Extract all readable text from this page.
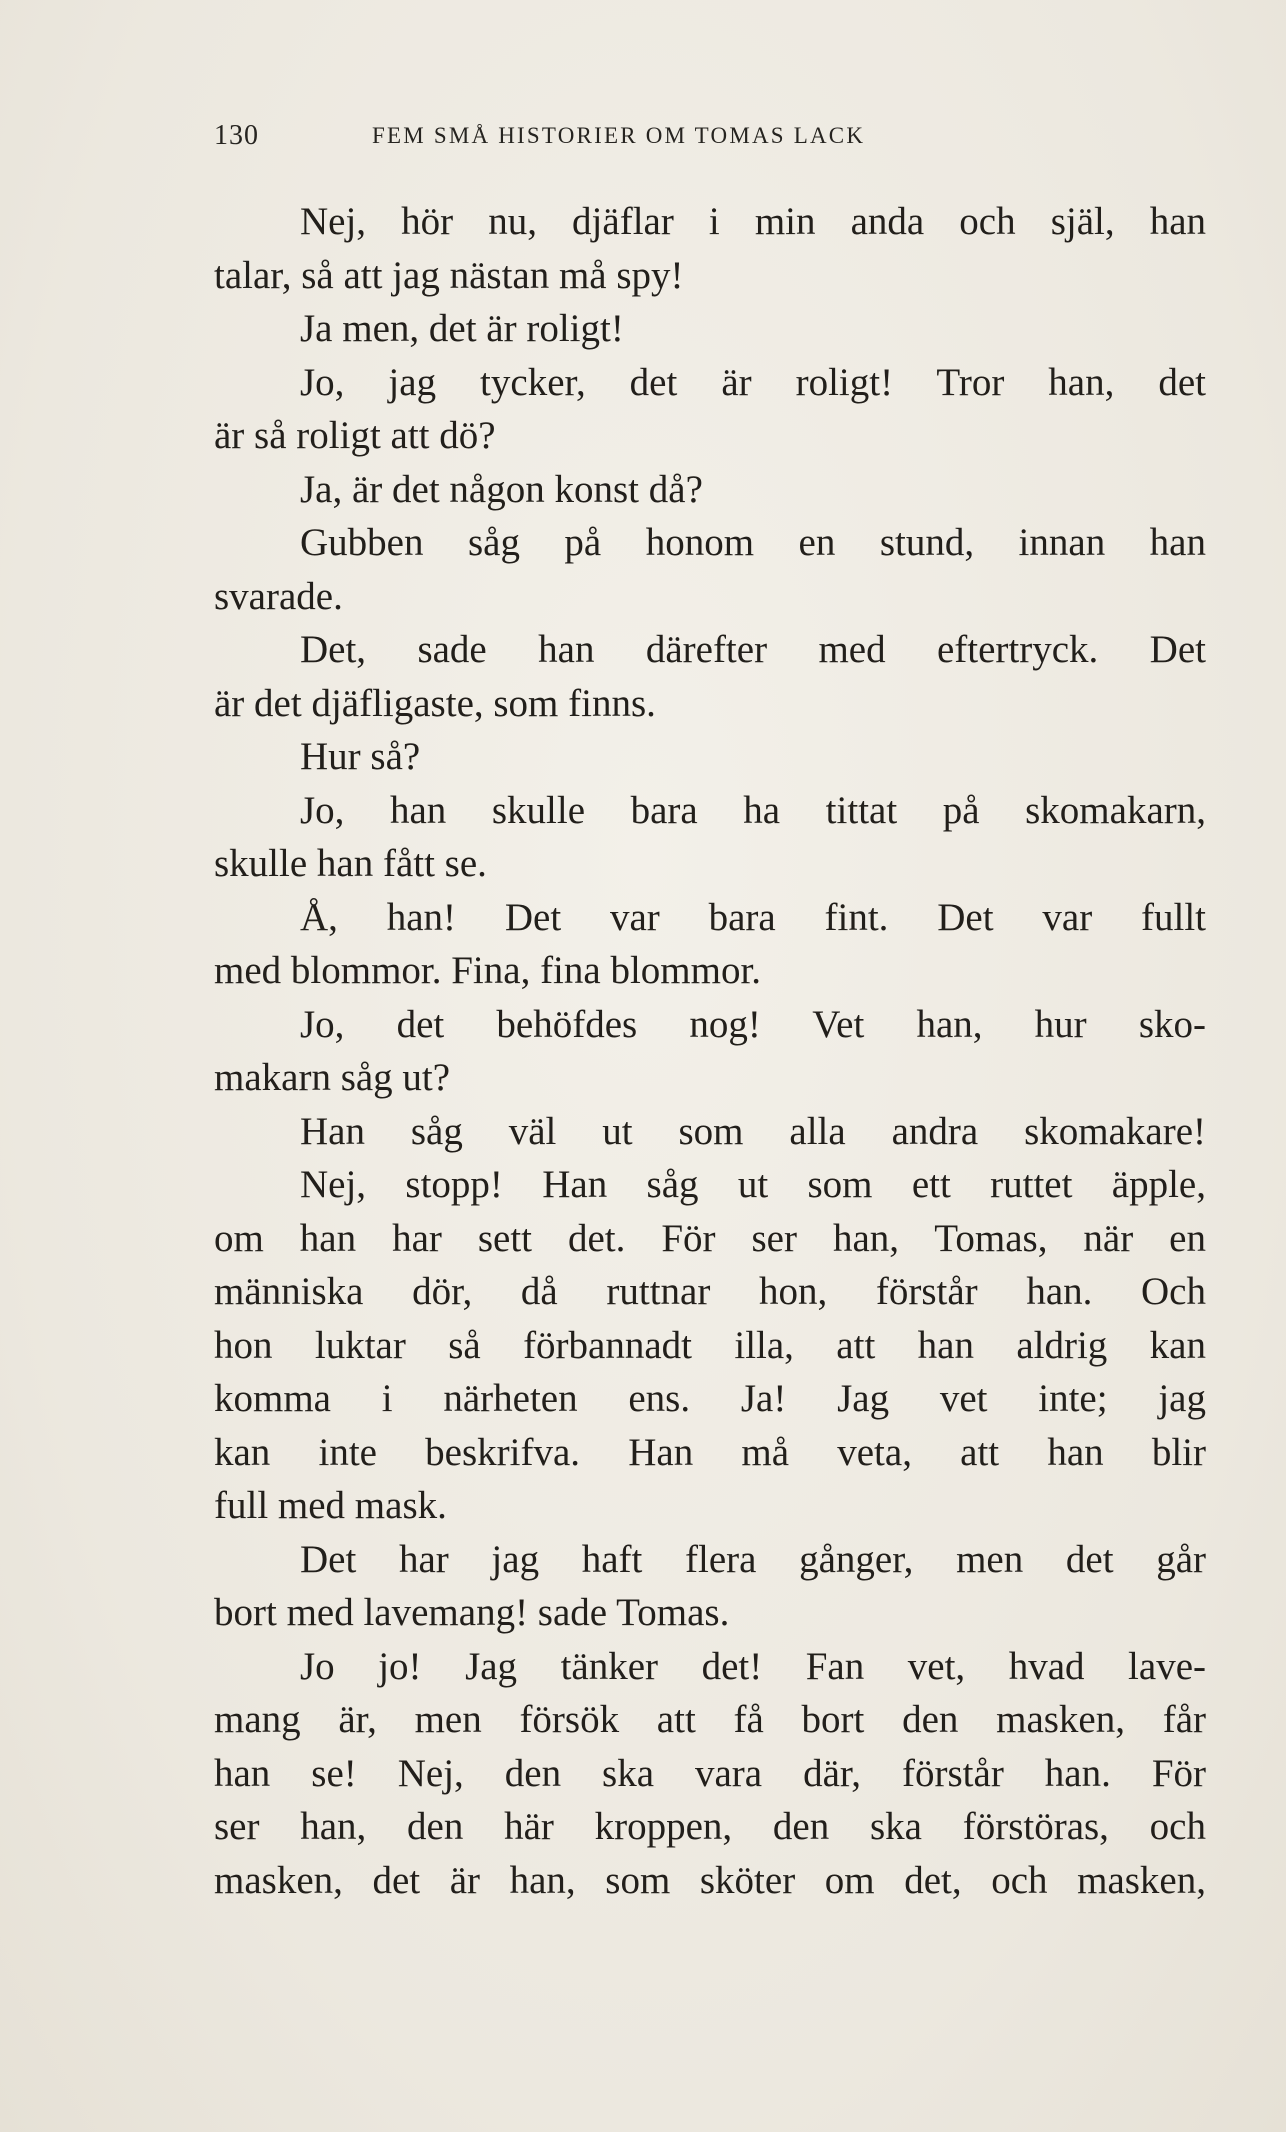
130	FEM SMÅ HISTORIER OM TOMAS LACK
Nej, hör nu, djäflar i min anda och själ, han
talar, så att jag nästan må spy!
Ja men, det är roligt!
Jo, jag tycker, det är roligt! Tror han, det
är så roligt att dö?
Ja, är det någon konst då?
Gubben såg på honom en stund, innan han
svarade.
Det, sade han därefter med eftertryck. Det
är det djäfligaste, som finns.
Hur så?
Jo, han skulle bara ha tittat på skomakarn,
skulle han fått se.
Å, han! Det var bara fint. Det var fullt
med blommor. Fina, fina blommor.
Jo, det behöfdes nog! Vet han, hur sko-
makarn såg ut?
Han såg väl ut som alla andra skomakare!
Nej, stopp! Han såg ut som ett ruttet äpple,
om han har sett det. För ser han, Tomas, när en
människa dör, då ruttnar hon, förstår han. Och
hon luktar så förbannadt illa, att han aldrig kan
komma i närheten ens. Ja! Jag vet inte; jag
kan inte beskrifva. Han må veta, att han blir
full med mask.
Det har jag haft flera gånger, men det går
bort med lavemang! sade Tomas.
Jo jo! Jag tänker det! Fan vet, hvad lave-
mang är, men försök att få bort den masken, får
han se! Nej, den ska vara där, förstår han. För
ser han, den här kroppen, den ska förstöras, och
masken, det är han, som sköter om det, och masken,
